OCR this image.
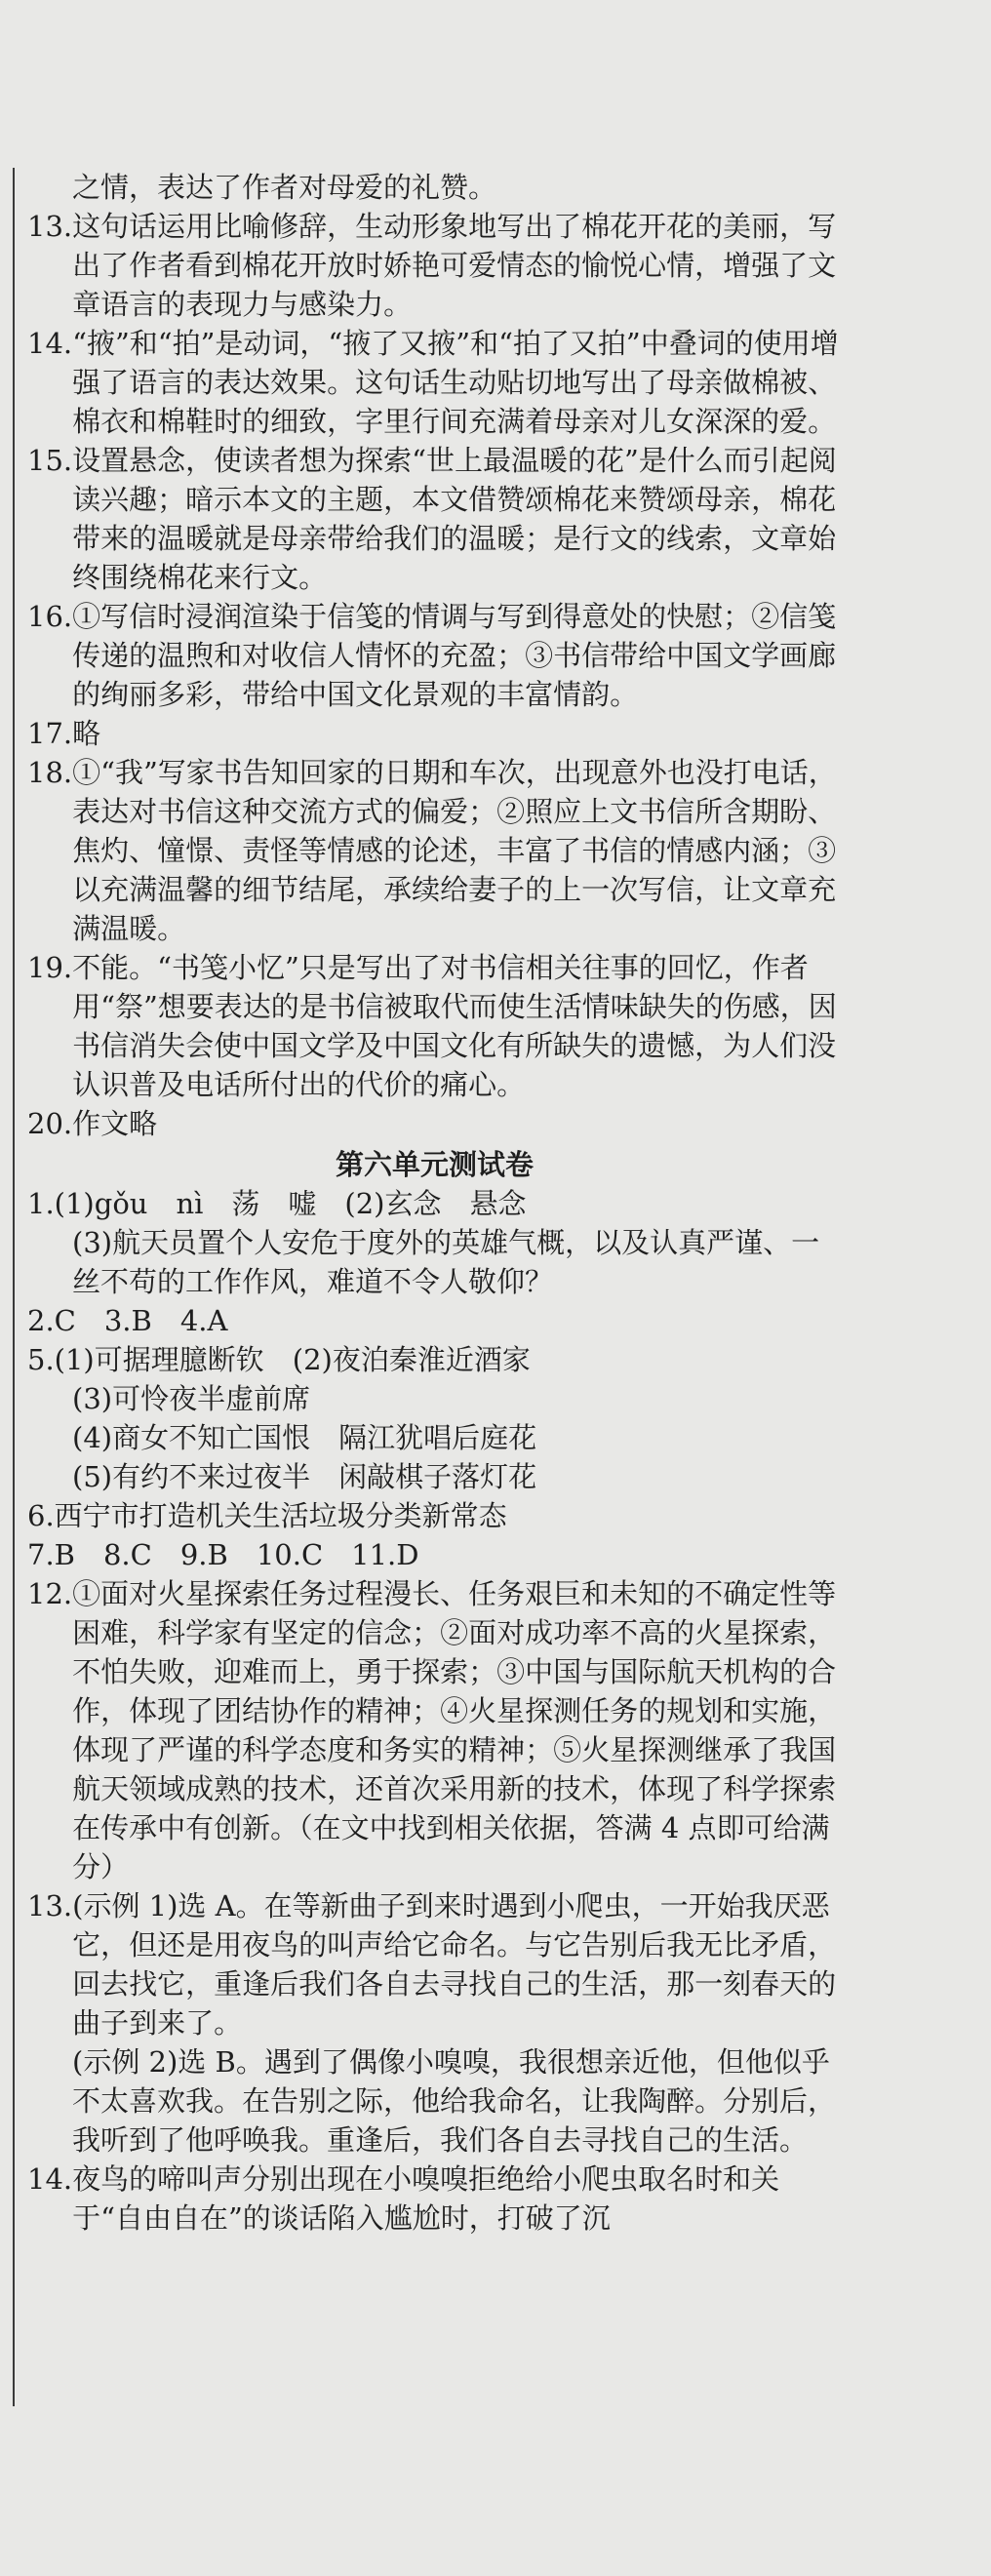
之情，表达了作者对母爱的礼赞。
13. 这句话运用比喻修辞，生动形象地写出了棉花开花的美丽，写出了作者看到棉花开放时娇艳可爱情态的愉悦心情，增强了文章语言的表现力与感染力。
14. “掖”和“拍”是动词，“掖了又掖”和“拍了又拍”中叠词的使用增强了语言的表达效果。这句话生动贴切地写出了母亲做棉被、棉衣和棉鞋时的细致，字里行间充满着母亲对儿女深深的爱。
15. 设置悬念，使读者想为探索“世上最温暖的花”是什么而引起阅读兴趣；暗示本文的主题，本文借赞颂棉花来赞颂母亲，棉花带来的温暖就是母亲带给我们的温暖；是行文的线索，文章始终围绕棉花来行文。
16. ①写信时浸润渲染于信笺的情调与写到得意处的快慰；②信笺传递的温煦和对收信人情怀的充盈；③书信带给中国文学画廊的绚丽多彩，带给中国文化景观的丰富情韵。
17. 略
18. ①“我”写家书告知回家的日期和车次，出现意外也没打电话，表达对书信这种交流方式的偏爱；②照应上文书信所含期盼、焦灼、憧憬、责怪等情感的论述，丰富了书信的情感内涵；③以充满温馨的细节结尾，承续给妻子的上一次写信，让文章充满温暖。
19. 不能。“书笺小忆”只是写出了对书信相关往事的回忆，作者用“祭”想要表达的是书信被取代而使生活情味缺失的伤感，因书信消失会使中国文学及中国文化有所缺失的遗憾，为人们没认识普及电话所付出的代价的痛心。
20. 作文略
第六单元测试卷
1. (1)gǒu　nì　荡　嘘　(2)玄念　悬念
(3)航天员置个人安危于度外的英雄气概，以及认真严谨、一丝不苟的工作作风，难道不令人敬仰？
2. C　3.B　4.A
5. (1)可据理臆断钦　(2)夜泊秦淮近酒家
(3)可怜夜半虚前席
(4)商女不知亡国恨　隔江犹唱后庭花
(5)有约不来过夜半　闲敲棋子落灯花
6. 西宁市打造机关生活垃圾分类新常态
7. B　8.C　9.B　10.C　11.D
12. ①面对火星探索任务过程漫长、任务艰巨和未知的不确定性等困难，科学家有坚定的信念；②面对成功率不高的火星探索，不怕失败，迎难而上，勇于探索；③中国与国际航天机构的合作，体现了团结协作的精神；④火星探测任务的规划和实施，体现了严谨的科学态度和务实的精神；⑤火星探测继承了我国航天领域成熟的技术，还首次采用新的技术，体现了科学探索在传承中有创新。（在文中找到相关依据，答满 4 点即可给满分）
13. (示例 1)选 A。在等新曲子到来时遇到小爬虫，一开始我厌恶它，但还是用夜鸟的叫声给它命名。与它告别后我无比矛盾，回去找它，重逢后我们各自去寻找自己的生活，那一刻春天的曲子到来了。
(示例 2)选 B。遇到了偶像小嗅嗅，我很想亲近他，但他似乎不太喜欢我。在告别之际，他给我命名，让我陶醉。分别后，我听到了他呼唤我。重逢后，我们各自去寻找自己的生活。
14. 夜鸟的啼叫声分别出现在小嗅嗅拒绝给小爬虫取名时和关于“自由自在”的谈话陷入尴尬时，打破了沉
